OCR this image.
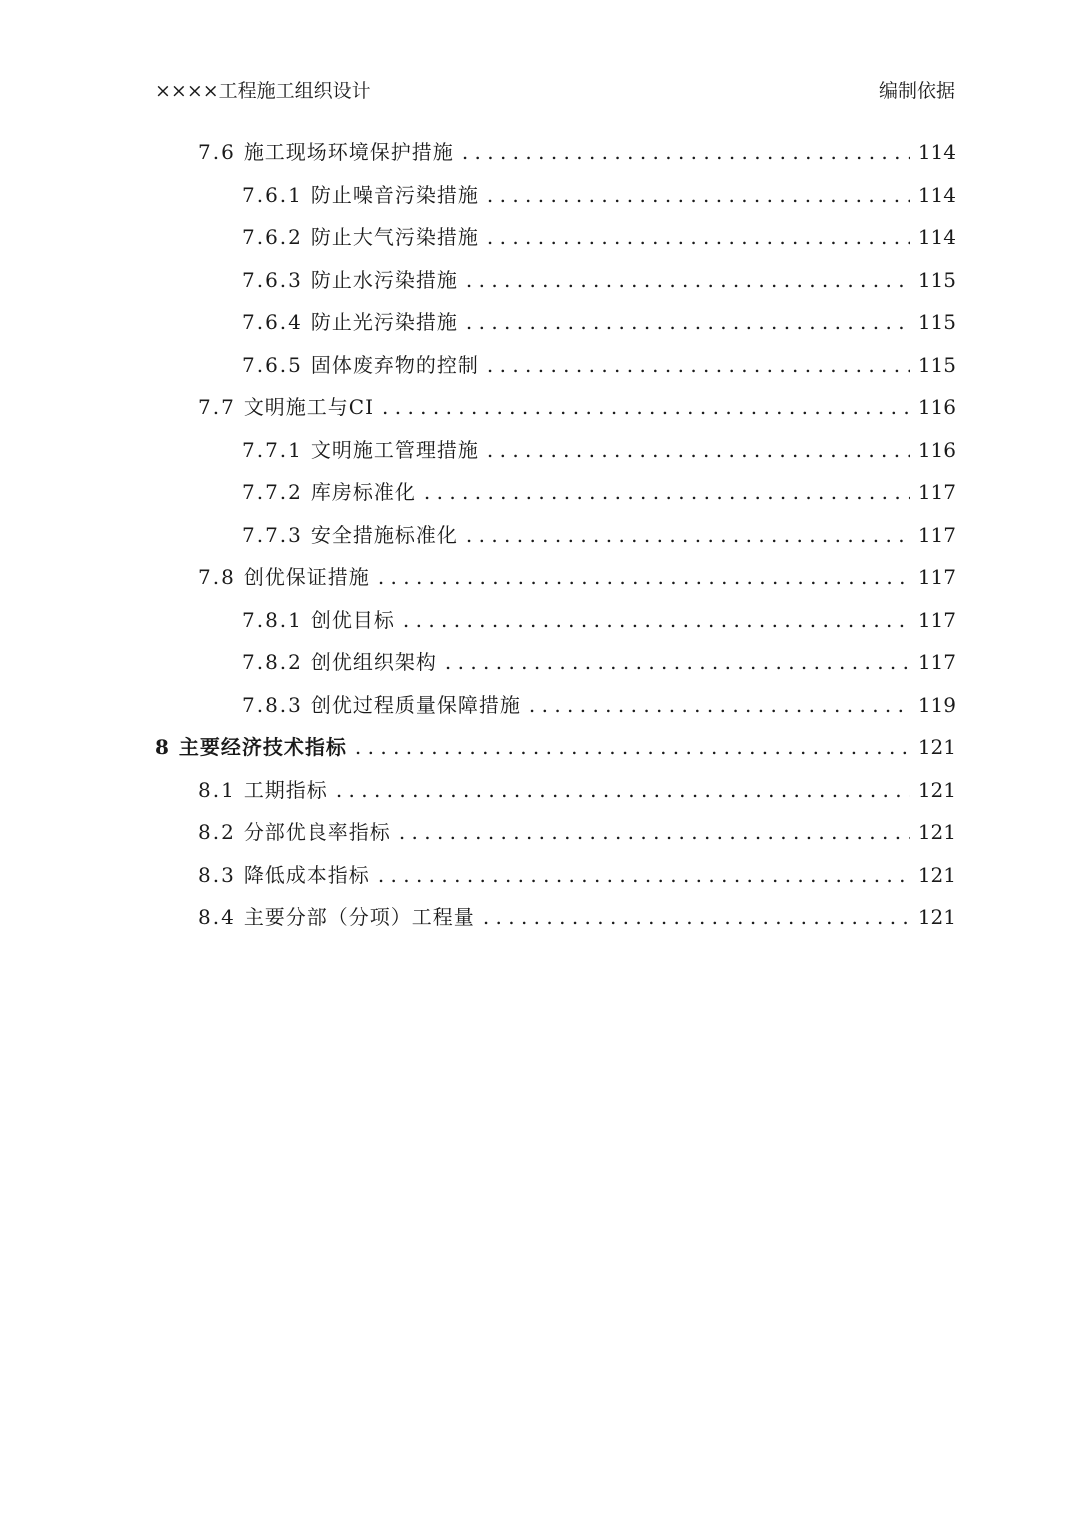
××××工程施工组织设计	编制依据
7.6 施工现场环境保护措施 . . .	114
7.6.1 防止噪音污染措施 . . .	114
7.6.2 防止大气污染措施 . . .	114
7.6.3 防止水污染措施 . . .	115
7.6.4 防止光污染措施 . . .	115
7.6.5 固体废弃物的控制 . . .	115
7.7 文明施工与CI . . .	116
7.7.1 文明施工管理措施 . . .	116
7.7.2 库房标准化 . . .	117
7.7.3 安全措施标准化 . . .	117
7.8 创优保证措施 . . .	117
7.8.1 创优目标 . . .	117
7.8.2 创优组织架构 . . .	117
7.8.3 创优过程质量保障措施 . . .	119
8 主要经济技术指标 . . .	121
8.1 工期指标 . . .	121
8.2 分部优良率指标 . . .	121
8.3 降低成本指标 . . .	121
8.4 主要分部（分项）工程量 . . .	121
